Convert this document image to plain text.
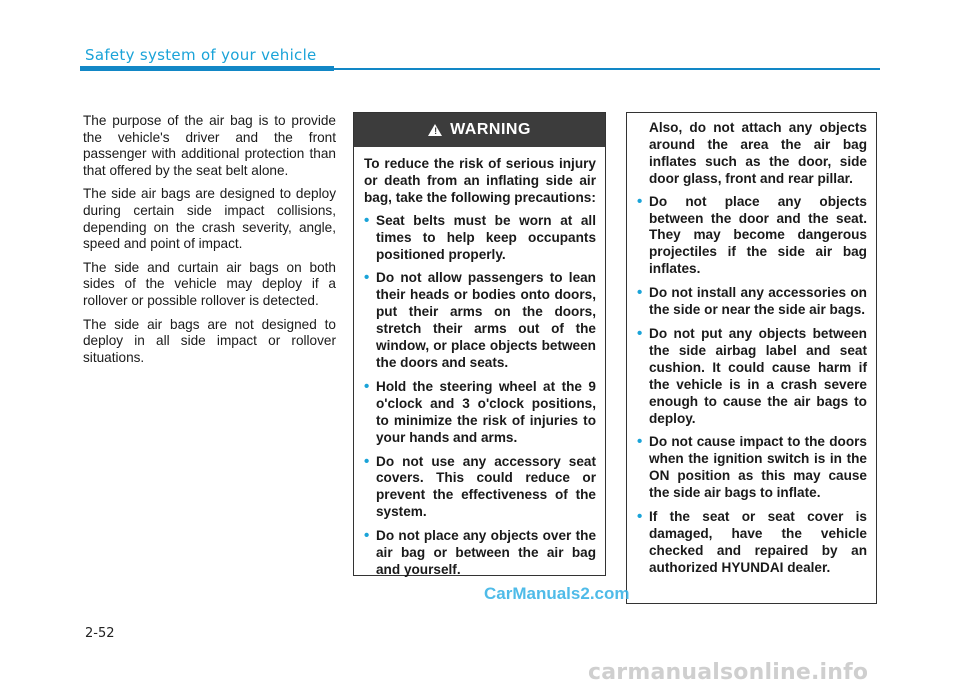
Safety system of your vehicle

The purpose of the air bag is to provide the vehicle's driver and the front passenger with additional protection than that offered by the seat belt alone.

The side air bags are designed to deploy during certain side impact collisions, depending on the crash severity, angle, speed and point of impact.

The side and curtain air bags on both sides of the vehicle may deploy if a rollover or possible rollover is detected.

The side air bags are not designed to deploy in all side impact or rollover situations.

! WARNING

To reduce the risk of serious injury or death from an inflating side air bag, take the following precautions:

• Seat belts must be worn at all times to help keep occupants positioned properly.
• Do not allow passengers to lean their heads or bodies onto doors, put their arms on the doors, stretch their arms out of the window, or place objects between the doors and seats.
• Hold the steering wheel at the 9 o'clock and 3 o'clock positions, to minimize the risk of injuries to your hands and arms.
• Do not use any accessory seat covers. This could reduce or prevent the effectiveness of the system.
• Do not place any objects over the air bag or between the air bag and yourself.

Also, do not attach any objects around the area the air bag inflates such as the door, side door glass, front and rear pillar.

• Do not place any objects between the door and the seat. They may become dangerous projectiles if the side air bag inflates.
• Do not install any accessories on the side or near the side air bags.
• Do not put any objects between the side airbag label and seat cushion. It could cause harm if the vehicle is in a crash severe enough to cause the air bags to deploy.
• Do not cause impact to the doors when the ignition switch is in the ON position as this may cause the side air bags to inflate.
• If the seat or seat cover is damaged, have the vehicle checked and repaired by an authorized HYUNDAI dealer.
CarManuals2.com
2-52
carmanualsonline.info
